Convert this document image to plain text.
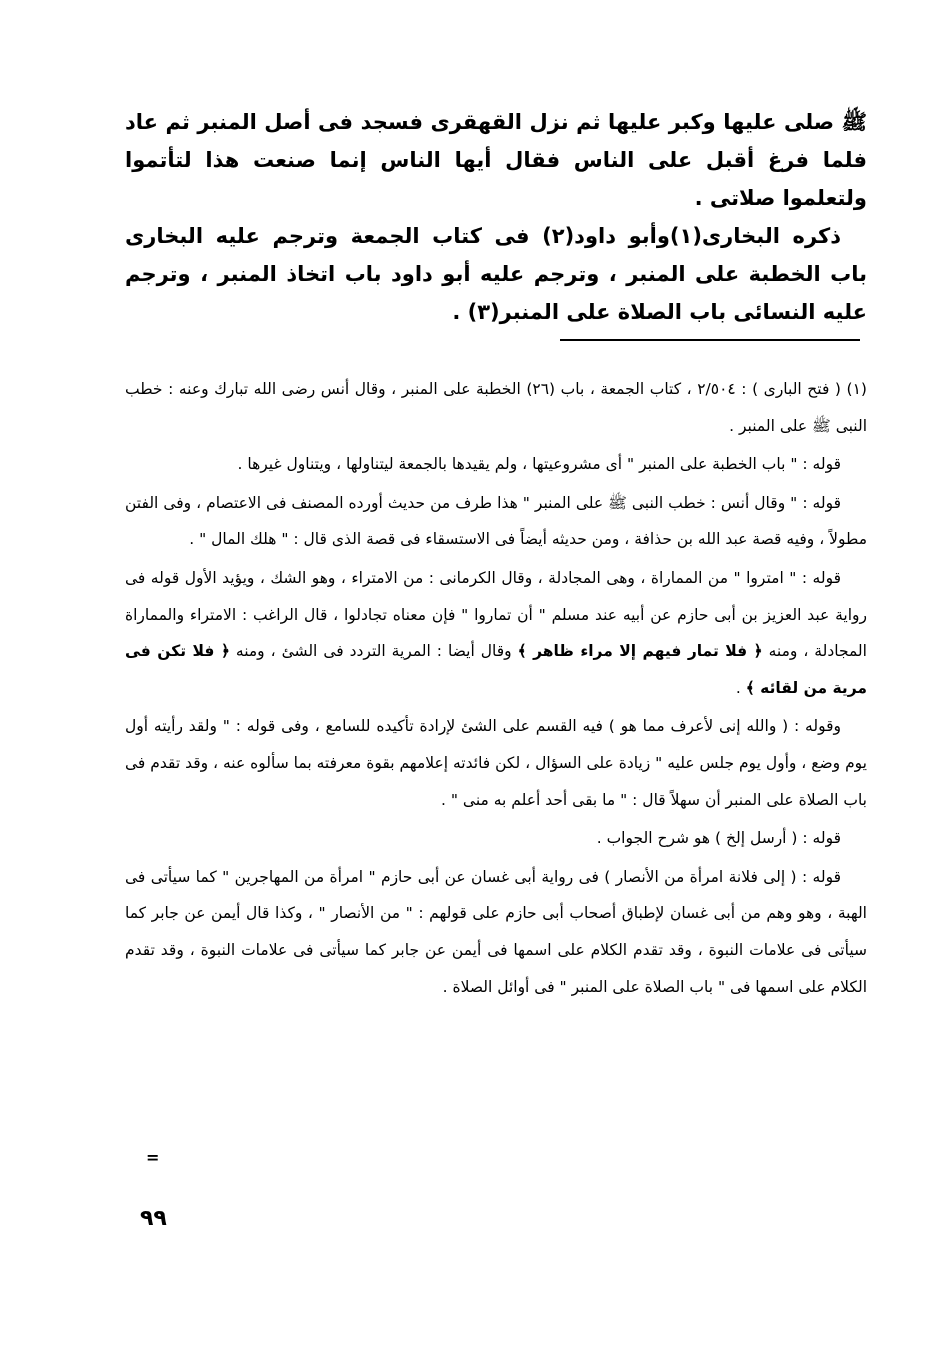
ﷺ صلى عليها وكبر عليها ثم نزل القهقرى فسجد فى أصل المنبر ثم عاد فلما فرغ أقبل على الناس فقال أيها الناس إنما صنعت هذا لتأتموا ولتعلموا صلاتى .

ذكره البخارى(١)وأبو داود(٢) فى كتاب الجمعة وترجم عليه البخارى باب الخطبة على المنبر ، وترجم عليه أبو داود باب اتخاذ المنبر ، وترجم عليه النسائى باب الصلاة على المنبر(٣) .

(١) ( فتح البارى ) : ٢/٥٠٤ ، كتاب الجمعة ، باب (٢٦) الخطبة على المنبر ، وقال أنس رضى الله تبارك وعنه : خطب النبى ﷺ على المنبر .

قوله : " باب الخطبة على المنبر " أى مشروعيتها ، ولم يقيدها بالجمعة ليتناولها ، ويتناول غيرها .

قوله : " وقال أنس : خطب النبى ﷺ على المنبر " هذا طرف من حديث أورده المصنف فى الاعتصام ، وفى الفتن مطولاً ، وفيه قصة عبد الله بن حذافة ، ومن حديثه أيضاً فى الاستسقاء فى قصة الذى قال : " هلك المال " .

قوله : " امتروا " من المماراة ، وهى المجادلة ، وقال الكرمانى : من الامتراء ، وهو الشك ، ويؤيد الأول قوله فى رواية عبد العزيز بن أبى حازم عن أبيه عند مسلم " أن تماروا " فإن معناه تجادلوا ، قال الراغب : الامتراء والمماراة المجادلة ، ومنه ﴿ فلا تمار فيهم إلا مراء ظاهر ﴾ وقال أيضا : المرية التردد فى الشئ ، ومنه ﴿ فلا تكن فى مرية من لقائه ﴾ .

وقوله : ( والله إنى لأعرف مما هو ) فيه القسم على الشئ لإرادة تأكيده للسامع ، وفى قوله : " ولقد رأيته أول يوم وضع ، وأول يوم جلس عليه " زيادة على السؤال ، لكن فائدته إعلامهم بقوة معرفته بما سألوه عنه ، وقد تقدم فى باب الصلاة على المنبر أن سهلاً قال : " ما بقى أحد أعلم به منى " .

قوله : ( أرسل إلخ ) هو شرح الجواب .

قوله : ( إلى فلانة امرأة من الأنصار ) فى رواية أبى غسان عن أبى حازم " امرأة من المهاجرين " كما سيأتى فى الهبة ، وهو وهم من أبى غسان لإطباق أصحاب أبى حازم على قولهم : " من الأنصار " ، وكذا قال أيمن عن جابر كما سيأتى فى علامات النبوة ، وقد تقدم الكلام على اسمها فى أيمن عن جابر كما سيأتى فى علامات النبوة ، وقد تقدم الكلام على اسمها فى " باب الصلاة على المنبر " فى أوائل الصلاة .

=
٩٩
